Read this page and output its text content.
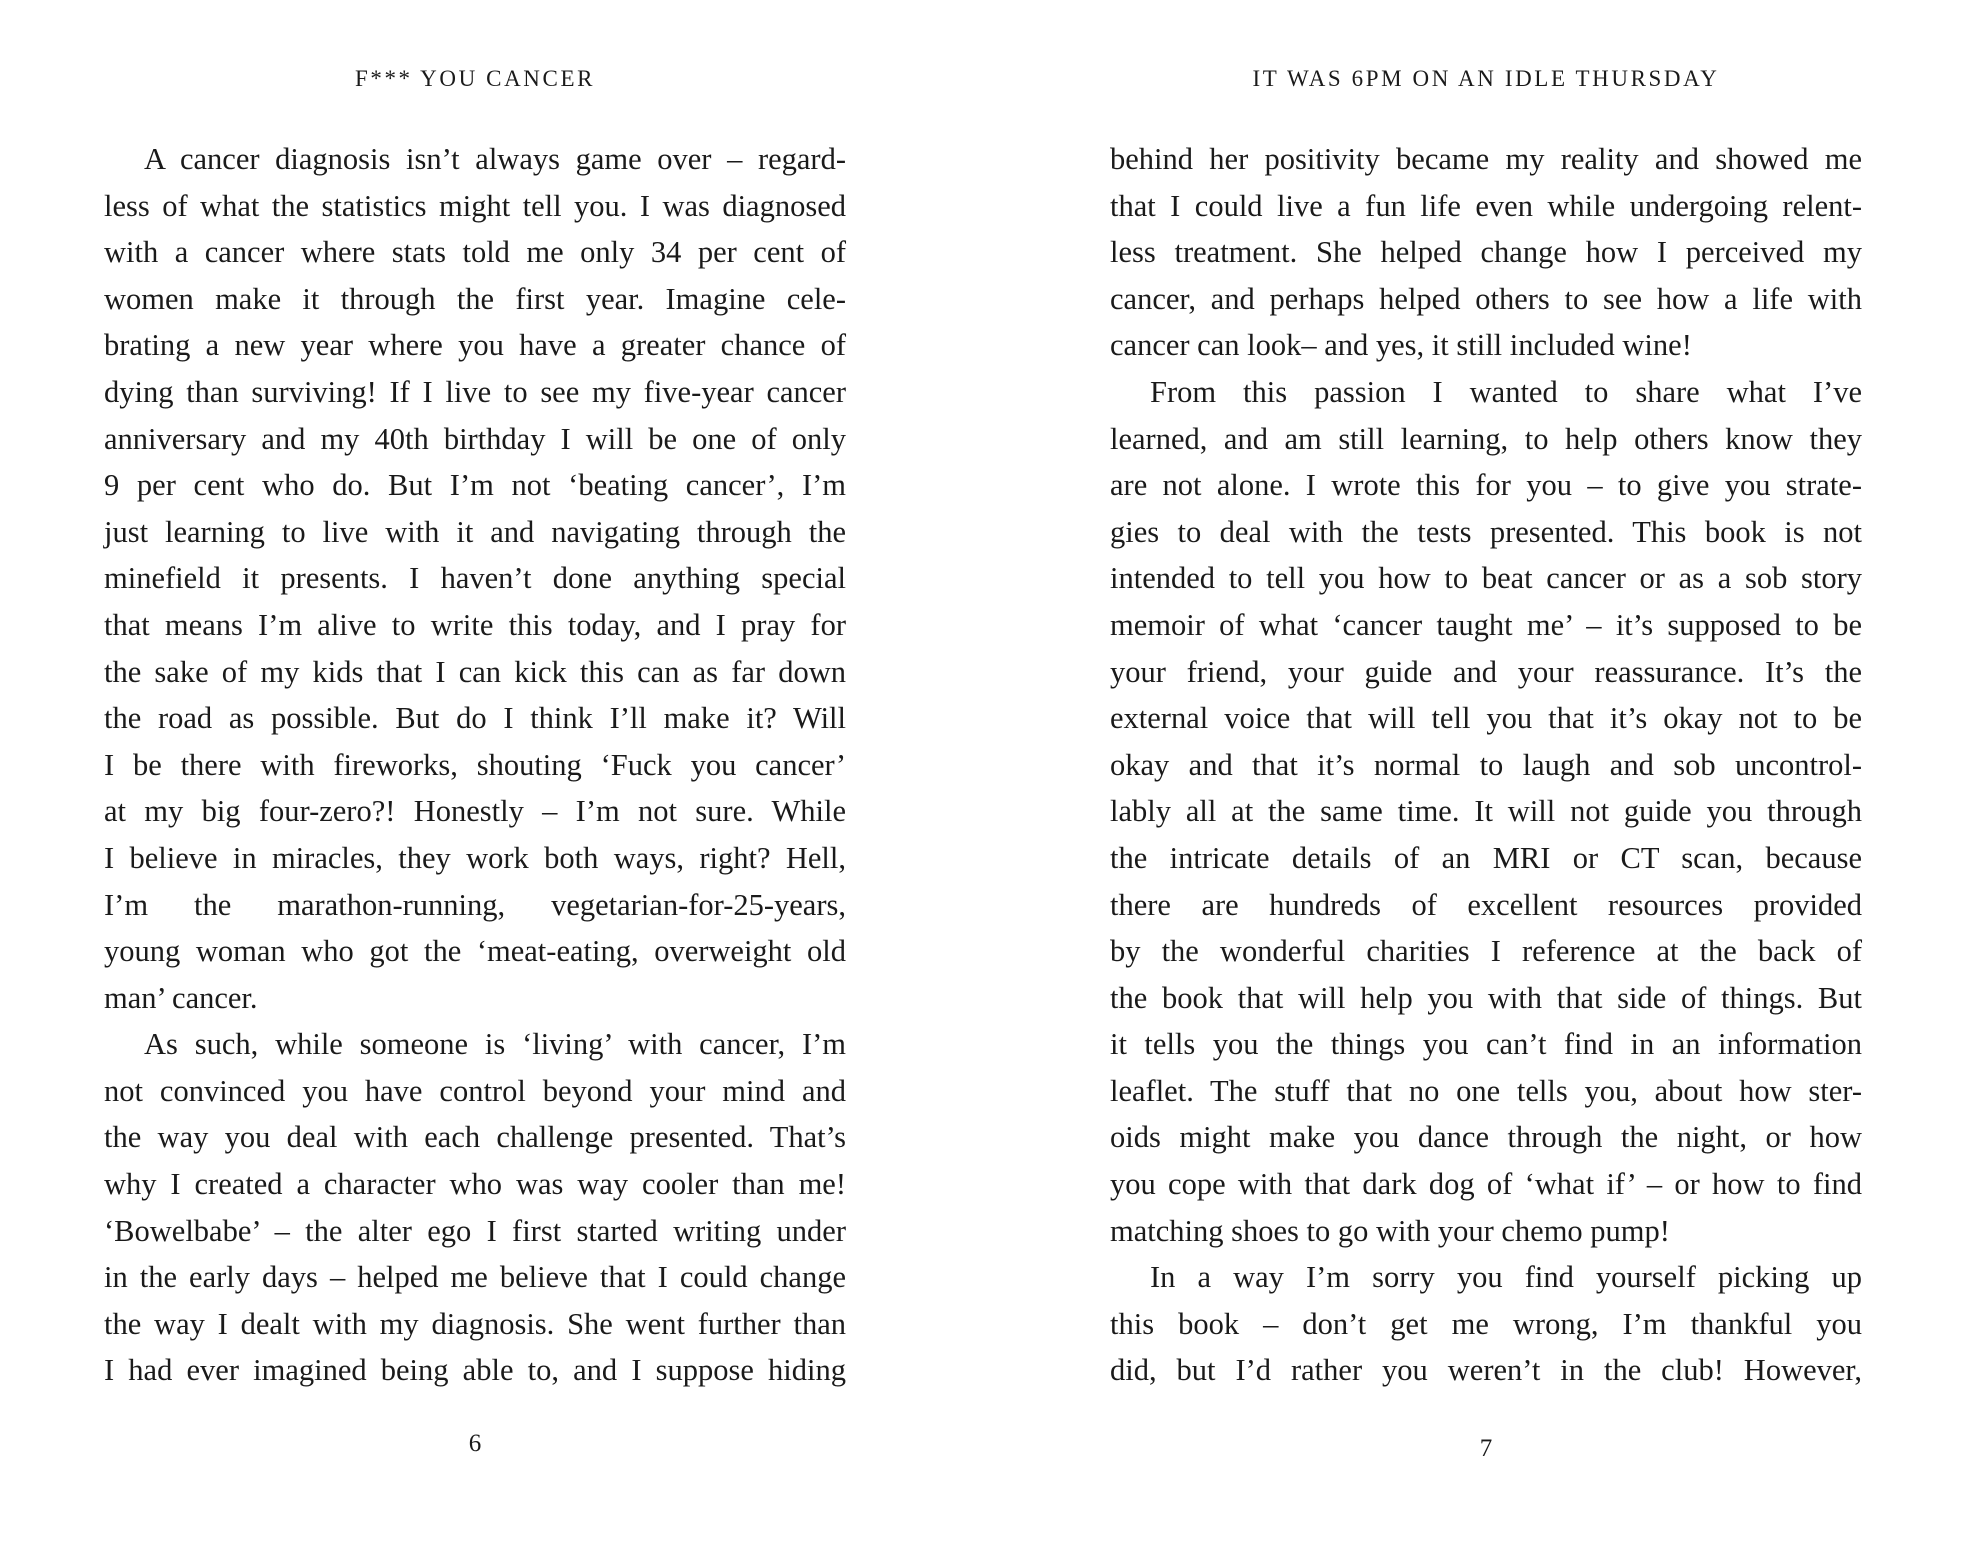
F*** YOU CANCER
A cancer diagnosis isn’t always game over – regard-
less of what the statistics might tell you. I was diagnosed
with a cancer where stats told me only 34 per cent of
women make it through the first year. Imagine cele-
brating a new year where you have a greater chance of
dying than surviving! If I live to see my five-year cancer
anniversary and my 40th birthday I will be one of only
9 per cent who do. But I’m not ‘beating cancer’, I’m
just learning to live with it and navigating through the
minefield it presents. I haven’t done anything special
that means I’m alive to write this today, and I pray for
the sake of my kids that I can kick this can as far down
the road as possible. But do I think I’ll make it? Will
I be there with fireworks, shouting ‘Fuck you cancer’
at my big four-zero?! Honestly – I’m not sure. While
I believe in miracles, they work both ways, right? Hell,
I’m the marathon-running, vegetarian-for-25-years,
young woman who got the ‘meat-eating, overweight old
man’ cancer.
As such, while someone is ‘living’ with cancer, I’m
not convinced you have control beyond your mind and
the way you deal with each challenge presented. That’s
why I created a character who was way cooler than me!
‘Bowelbabe’ – the alter ego I first started writing under
in the early days – helped me believe that I could change
the way I dealt with my diagnosis. She went further than
I had ever imagined being able to, and I suppose hiding
6
IT WAS 6PM ON AN IDLE THURSDAY
behind her positivity became my reality and showed me
that I could live a fun life even while undergoing relent-
less treatment. She helped change how I perceived my
cancer, and perhaps helped others to see how a life with
cancer can look– and yes, it still included wine!
From this passion I wanted to share what I’ve
learned, and am still learning, to help others know they
are not alone. I wrote this for you – to give you strate-
gies to deal with the tests presented. This book is not
intended to tell you how to beat cancer or as a sob story
memoir of what ‘cancer taught me’ – it’s supposed to be
your friend, your guide and your reassurance. It’s the
external voice that will tell you that it’s okay not to be
okay and that it’s normal to laugh and sob uncontrol-
lably all at the same time. It will not guide you through
the intricate details of an MRI or CT scan, because
there are hundreds of excellent resources provided
by the wonderful charities I reference at the back of
the book that will help you with that side of things. But
it tells you the things you can’t find in an information
leaflet. The stuff that no one tells you, about how ster-
oids might make you dance through the night, or how
you cope with that dark dog of ‘what if’ – or how to find
matching shoes to go with your chemo pump!
In a way I’m sorry you find yourself picking up
this book – don’t get me wrong, I’m thankful you
did, but I’d rather you weren’t in the club! However,
7
